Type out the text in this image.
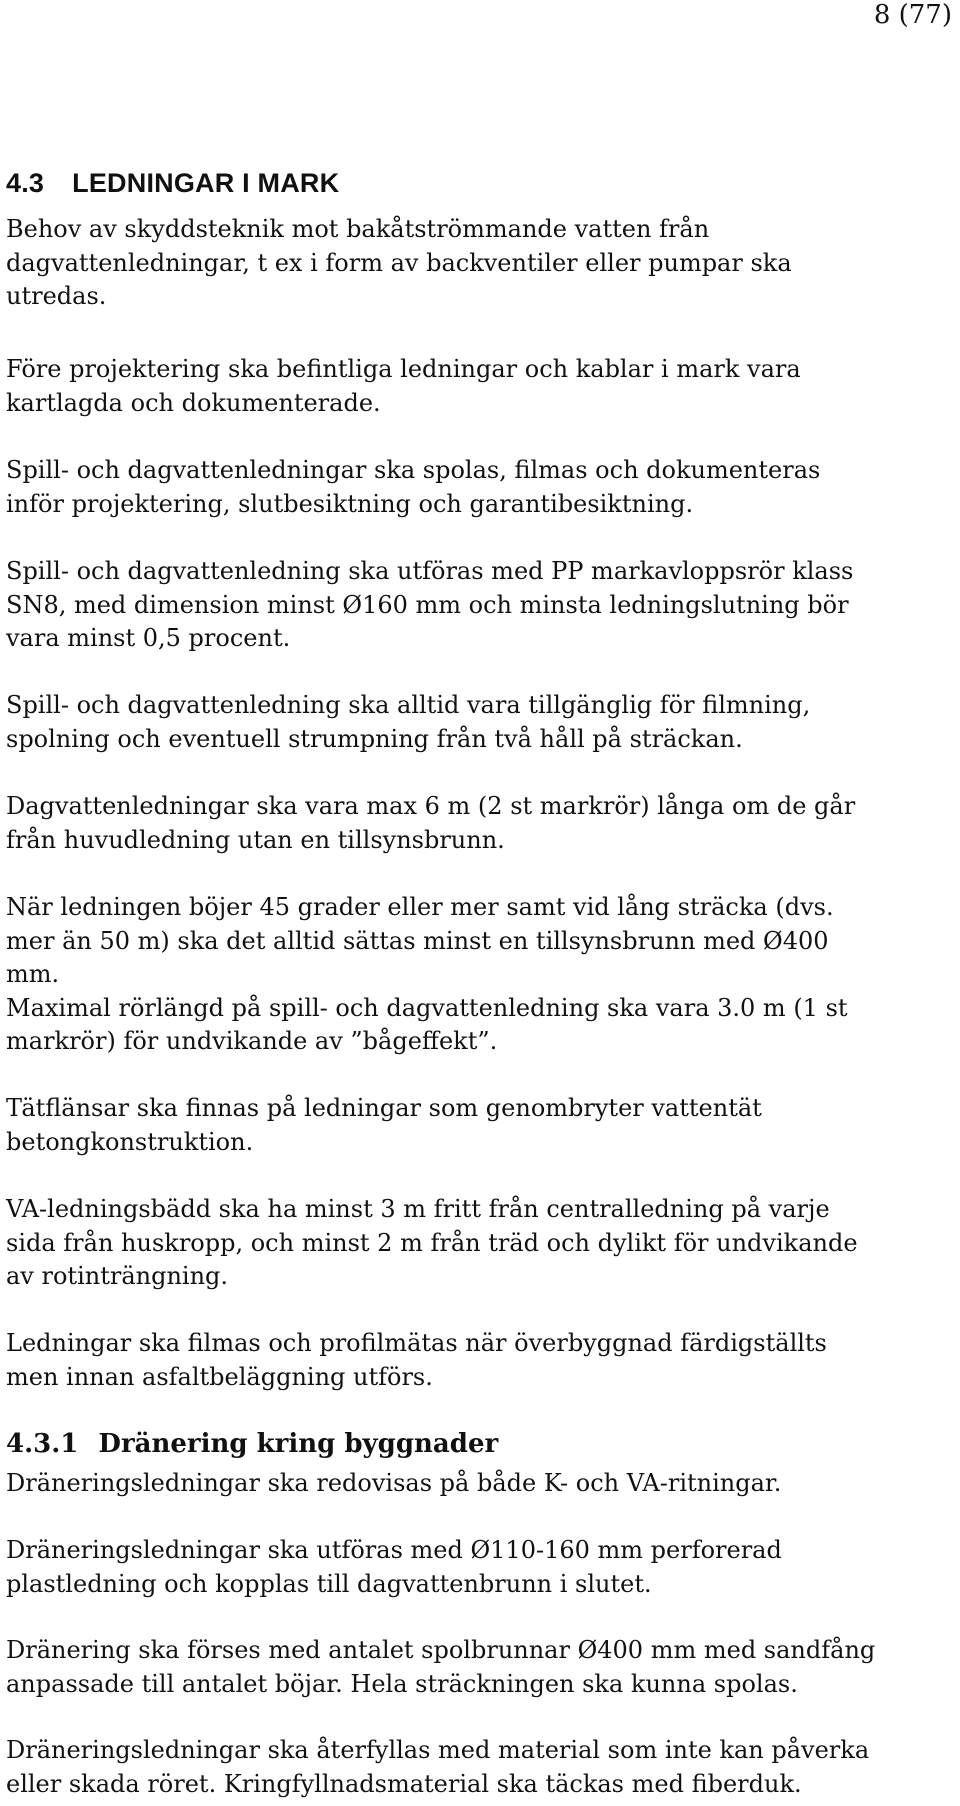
8 (77)
4.3 LEDNINGAR I MARK

Behov av skyddsteknik mot bakåtströmmande vatten från
dagvattenledningar, t ex i form av backventiler eller pumpar ska
utredas.

Före projektering ska befintliga ledningar och kablar i mark vara
kartlagda och dokumenterade.

Spill- och dagvattenledningar ska spolas, filmas och dokumenteras
inför projektering, slutbesiktning och garantibesiktning.

Spill- och dagvattenledning ska utföras med PP markavloppsrör klass
SN8, med dimension minst Ø160 mm och minsta ledningslutning bör
vara minst 0,5 procent.

Spill- och dagvattenledning ska alltid vara tillgänglig för filmning,
spolning och eventuell strumpning från två håll på sträckan.

Dagvattenledningar ska vara max 6 m (2 st markrör) långa om de går
från huvudledning utan en tillsynsbrunn.

När ledningen böjer 45 grader eller mer samt vid lång sträcka (dvs.
mer än 50 m) ska det alltid sättas minst en tillsynsbrunn med Ø400
mm.
Maximal rörlängd på spill- och dagvattenledning ska vara 3.0 m (1 st
markrör) för undvikande av ”bågeffekt”.

Tätflänsar ska finnas på ledningar som genombryter vattentät
betongkonstruktion.

VA-ledningsbädd ska ha minst 3 m fritt från centralledning på varje
sida från huskropp, och minst 2 m från träd och dylikt för undvikande
av rotinträngning.

Ledningar ska filmas och profilmätas när överbyggnad färdigställts
men innan asfaltbeläggning utförs.

4.3.1 Dränering kring byggnader

Dräneringsledningar ska redovisas på både K- och VA-ritningar.

Dräneringsledningar ska utföras med Ø110-160 mm perforerad
plastledning och kopplas till dagvattenbrunn i slutet.

Dränering ska förses med antalet spolbrunnar Ø400 mm med sandfång
anpassade till antalet böjar. Hela sträckningen ska kunna spolas.

Dräneringsledningar ska återfyllas med material som inte kan påverka
eller skada röret. Kringfyllnadsmaterial ska täckas med fiberduk.
